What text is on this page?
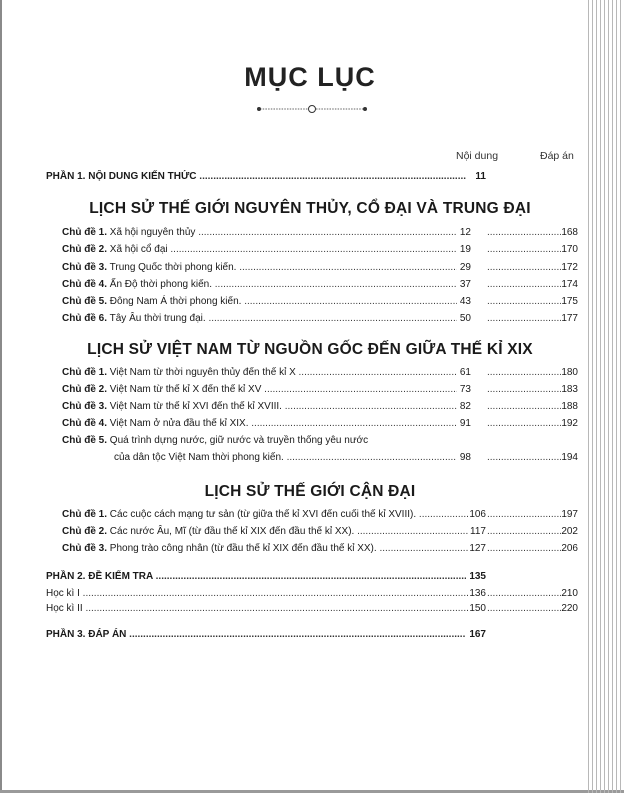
MỤC LỤC
Nội dung	Đáp án
PHẦN 1. NỘI DUNG KIẾN THỨC .....	11
LỊCH SỬ THẾ GIỚI NGUYÊN THỦY, CỔ ĐẠI VÀ TRUNG ĐẠI
Chủ đề 1. Xã hội nguyên thủy .....	12 .....	168
Chủ đề 2. Xã hội cổ đại .....	19 .....	170
Chủ đề 3. Trung Quốc thời phong kiến. .....	29 .....	172
Chủ đề 4. Ấn Độ thời phong kiến. .....	37 .....	174
Chủ đề 5. Đông Nam Á thời phong kiến. .....	43 .....	175
Chủ đề 6. Tây Âu thời trung đại. .....	50 .....	177
LỊCH SỬ VIỆT NAM TỪ NGUỒN GỐC ĐẾN GIỮA THẾ KỈ XIX
Chủ đề 1. Việt Nam từ thời nguyên thủy đến thế kỉ X .....	61 .....	180
Chủ đề 2. Việt Nam từ thế kỉ X đến thế kỉ XV .....	73 .....	183
Chủ đề 3. Việt Nam từ thế kỉ XVI đến thế kỉ XVIII. .....	82 .....	188
Chủ đề 4. Việt Nam ở nửa đầu thế kỉ XIX. .....	91 .....	192
Chủ đề 5. Quá trình dựng nước, giữ nước và truyền thống yêu nước
của dân tộc Việt Nam thời phong kiến. .....	98 .....	194
LỊCH SỬ THẾ GIỚI CẬN ĐẠI
Chủ đề 1. Các cuộc cách mạng tư sản (từ giữa thế kỉ XVI đến cuối thế kỉ XVIII). .....	106 .....	197
Chủ đề 2. Các nước Âu, Mĩ (từ đầu thế kỉ XIX đến đầu thế kỉ XX). .....	117 .....	202
Chủ đề 3. Phong trào công nhân (từ đầu thế kỉ XIX đến đầu thế kỉ XX). .....	127 .....	206
PHẦN 2. ĐỀ KIỂM TRA .....	135
Học kì I .....	136 .....	210
Học kì II .....	150 .....	220
PHẦN 3. ĐÁP ÁN .....	167
